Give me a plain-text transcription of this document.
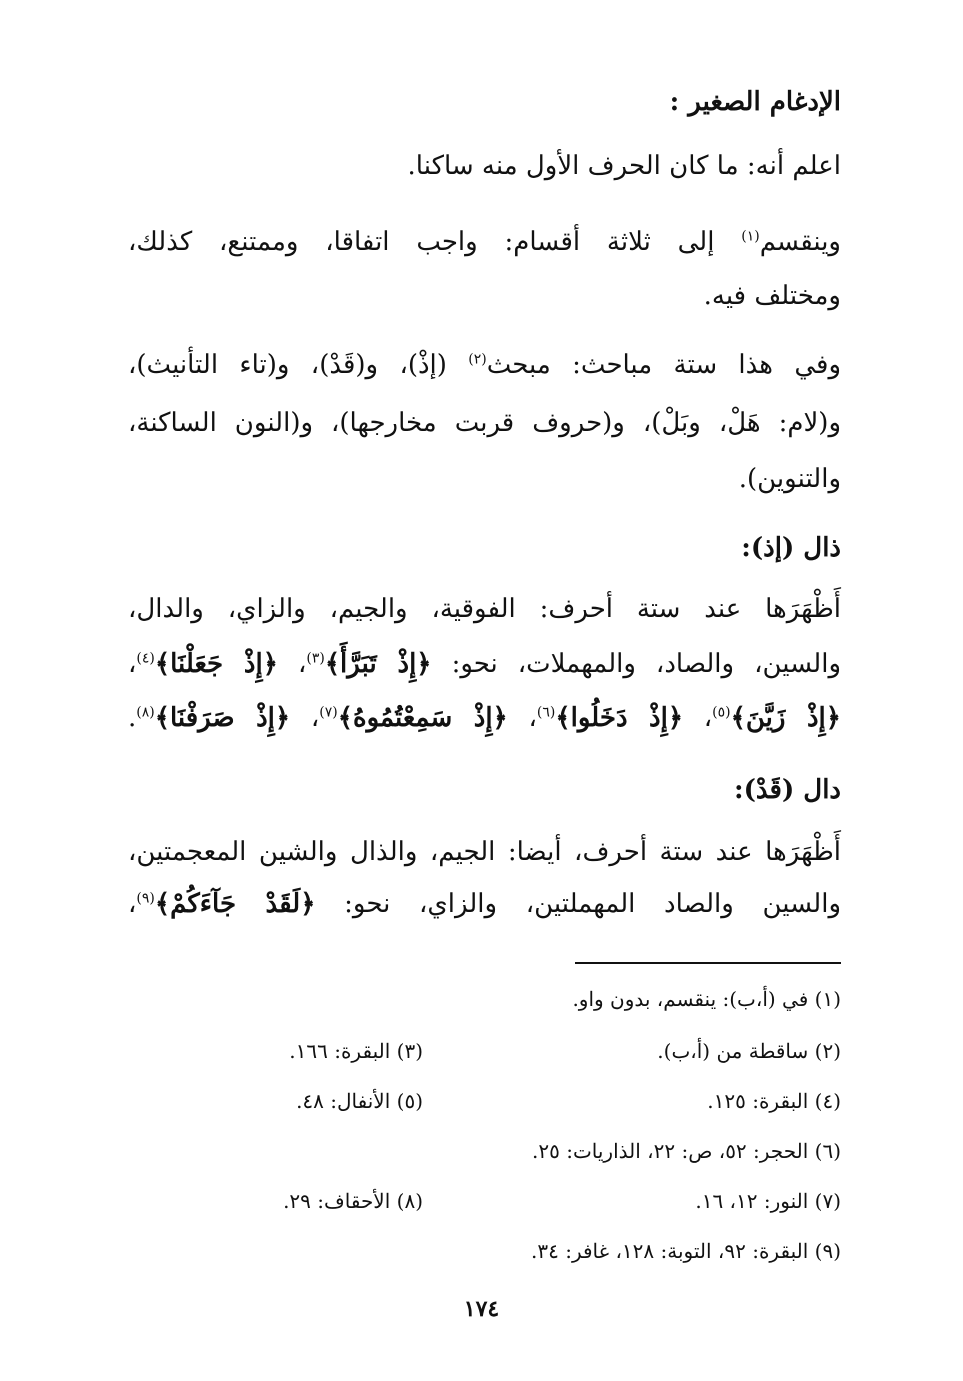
الإدغام الصغير :

اعلم أنه: ما كان الحرف الأول منه ساكنا.

وينقسم$^{(١)}$ إلى ثلاثة أقسام: واجب اتفاقا، وممتنع، كذلك،

ومختلف فيه.

وفي هذا ستة مباحث: مبحث$^{(٢)}$ (إذْ)، و(قَدْ)، و(تاء التأنيث)،

و(لام: هَلْ، وبَلْ)، و(حروف قربت مخارجها)، و(النون الساكنة،

والتنوين).

ذال (إذ):

أَظْهَرَها عند ستة أحرف: الفوقية، والجيم، والزاي، والدال،

والسين، والصاد، والمهملات، نحو: ﴿إِذْ تَبَرَّأَ﴾$^{(٣)}$، ﴿إِذْ جَعَلْنَا﴾$^{(٤)}$،

﴿إِذْ زَيَّنَ﴾$^{(٥)}$، ﴿إِذْ دَخَلُوا﴾$^{(٦)}$، ﴿إِذْ سَمِعْتُمُوهُ﴾$^{(٧)}$، ﴿إِذْ صَرَفْنَا﴾$^{(٨)}$.

دال (قَدْ):

أَظْهَرَها عند ستة أحرف، أيضا: الجيم، والذال والشين المعجمتين،

والسين والصاد المهملتين، والزاي، نحو: ﴿لَقَدْ جَآءَكُمْ﴾$^{(٩)}$،

(١) في (أ،ب): ينقسم، بدون واو.
(٢) ساقطة من (أ،ب).
(٣) البقرة: ١٦٦.
(٤) البقرة: ١٢٥.
(٥) الأنفال: ٤٨.
(٦) الحجر: ٥٢، ص: ٢٢، الذاريات: ٢٥.
(٧) النور: ١٢، ١٦.
(٨) الأحقاف: ٢٩.
(٩) البقرة: ٩٢، التوبة: ١٢٨، غافر: ٣٤.
١٧٤
